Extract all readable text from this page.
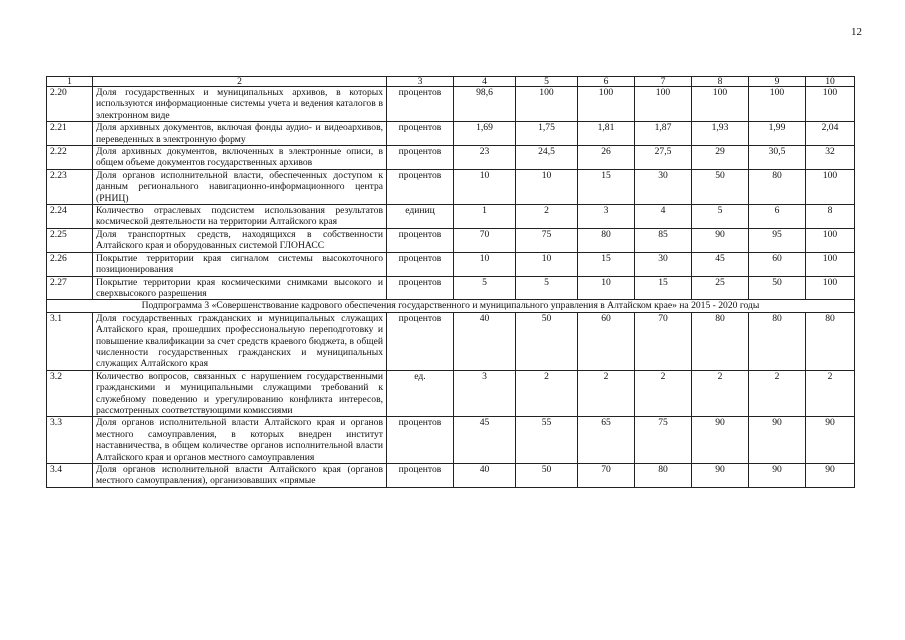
12
1	2	3	4	5	6	7	8	9	10
2.20	Доля государственных и муниципальных архивов, в которых используются информационные системы учета и ведения каталогов в электронном виде	процентов	98,6	100	100	100	100	100	100
2.21	Доля архивных документов, включая фонды аудио- и видеоархивов, переведенных в электронную форму	процентов	1,69	1,75	1,81	1,87	1,93	1,99	2,04
2.22	Доля архивных документов, включенных в электронные описи, в общем объеме документов государственных архивов	процентов	23	24,5	26	27,5	29	30,5	32
2.23	Доля органов исполнительной власти, обеспеченных доступом к данным регионального навигационно-информационного центра (РНИЦ)	процентов	10	10	15	30	50	80	100
2.24	Количество отраслевых подсистем использования результатов космической деятельности на территории Алтайского края	единиц	1	2	3	4	5	6	8
2.25	Доля транспортных средств, находящихся в собственности Алтайского края и оборудованных системой ГЛОНАСС	процентов	70	75	80	85	90	95	100
2.26	Покрытие территории края сигналом системы высокоточного позиционирования	процентов	10	10	15	30	45	60	100
2.27	Покрытие территории края космическими снимками высокого и сверхвысокого разрешения	процентов	5	5	10	15	25	50	100
Подпрограмма 3 «Совершенствование кадрового обеспечения государственного и муниципального управления в Алтайском крае» на 2015 - 2020 годы									
3.1	Доля государственных гражданских и муниципальных служащих Алтайского края, прошедших профессиональную переподготовку и повышение квалификации за счет средств краевого бюджета, в общей численности государственных гражданских и муниципальных служащих Алтайского края	процентов	40	50	60	70	80	80	80
3.2	Количество вопросов, связанных с нарушением государственными гражданскими и муниципальными служащими требований к служебному поведению и урегулированию конфликта интересов, рассмотренных соответствующими комиссиями	ед.	3	2	2	2	2	2	2
3.3	Доля органов исполнительной власти Алтайского края и органов местного самоуправления, в которых внедрен институт наставничества, в общем количестве органов исполнительной власти Алтайского края и органов местного самоуправления	процентов	45	55	65	75	90	90	90
3.4	Доля органов исполнительной власти Алтайского края (органов местного самоуправления), организовавших «прямые	процентов	40	50	70	80	90	90	90
